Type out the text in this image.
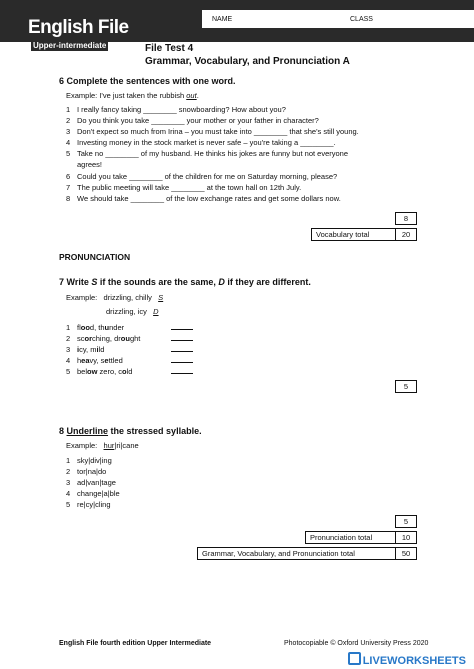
English File
Upper-intermediate
NAME	CLASS
File Test 4
Grammar, Vocabulary, and Pronunciation A
6 Complete the sentences with one word.
Example: I've just taken the rubbish out.
1 I really fancy taking ________ snowboarding? How about you?
2 Do you think you take ________ your mother or your father in character?
3 Don't expect so much from Irina – you must take into ________ that she's still young.
4 Investing money in the stock market is never safe – you're taking a ________.
5 Take no ________ of my husband. He thinks his jokes are funny but not everyone
agrees!
6 Could you take ________ of the children for me on Saturday morning, please?
7 The public meeting will take ________ at the town hall on 12th July.
8 We should take ________ of the low exchange rates and get some dollars now.
8
Vocabulary total	20
PRONUNCIATION
7 Write S if the sounds are the same, D if they are different.
Example: drizzling, chilly S
drizzling, icy D
1 flood, thunder
2 scorching, drought
3 icy, mild
4 heavy, settled
5 below zero, cold
5
8 Underline the stressed syllable.
Example: hur|ri|cane
1 sky|div|ing
2 tor|na|do
3 ad|van|tage
4 change|a|ble
5 re|cy|cling
5
Pronunciation total	10
Grammar, Vocabulary, and Pronunciation total	50
English File fourth edition Upper Intermediate	Photocopiable © Oxford University Press 2020
LIVEWORKSHEETS
